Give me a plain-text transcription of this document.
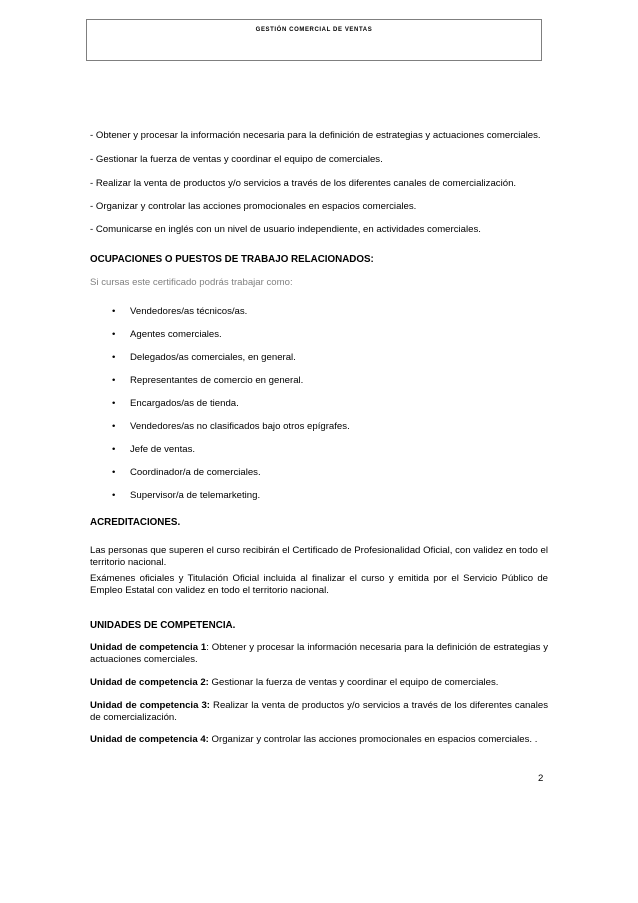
GESTIÓN COMERCIAL DE VENTAS
- Obtener y procesar la información necesaria para la definición de estrategias y actuaciones comerciales.
- Gestionar la fuerza de ventas y coordinar el equipo de comerciales.
- Realizar la venta de productos y/o servicios a través de los diferentes canales de comercialización.
- Organizar y controlar las acciones promocionales en espacios comerciales.
- Comunicarse en inglés con un nivel de usuario independiente, en actividades comerciales.
OCUPACIONES O PUESTOS DE TRABAJO RELACIONADOS:
Si cursas este certificado podrás trabajar como:
• Vendedores/as técnicos/as.
• Agentes comerciales.
• Delegados/as comerciales, en general.
• Representantes de comercio en general.
• Encargados/as de tienda.
• Vendedores/as no clasificados bajo otros epígrafes.
• Jefe de ventas.
• Coordinador/a de comerciales.
• Supervisor/a de telemarketing.
ACREDITACIONES.
Las personas que superen el curso recibirán el Certificado de Profesionalidad Oficial, con validez en todo el territorio nacional.
Exámenes oficiales y Titulación Oficial incluida al finalizar el curso y emitida por el Servicio Público de Empleo Estatal con validez en todo el territorio nacional.
UNIDADES DE COMPETENCIA.
Unidad de competencia 1: Obtener y procesar la información necesaria para la definición de estrategias y actuaciones comerciales.
Unidad de competencia 2: Gestionar la fuerza de ventas y coordinar el equipo de comerciales.
Unidad de competencia 3: Realizar la venta de productos y/o servicios a través de los diferentes canales de comercialización.
Unidad de competencia 4: Organizar y controlar las acciones promocionales en espacios comerciales. .
2
